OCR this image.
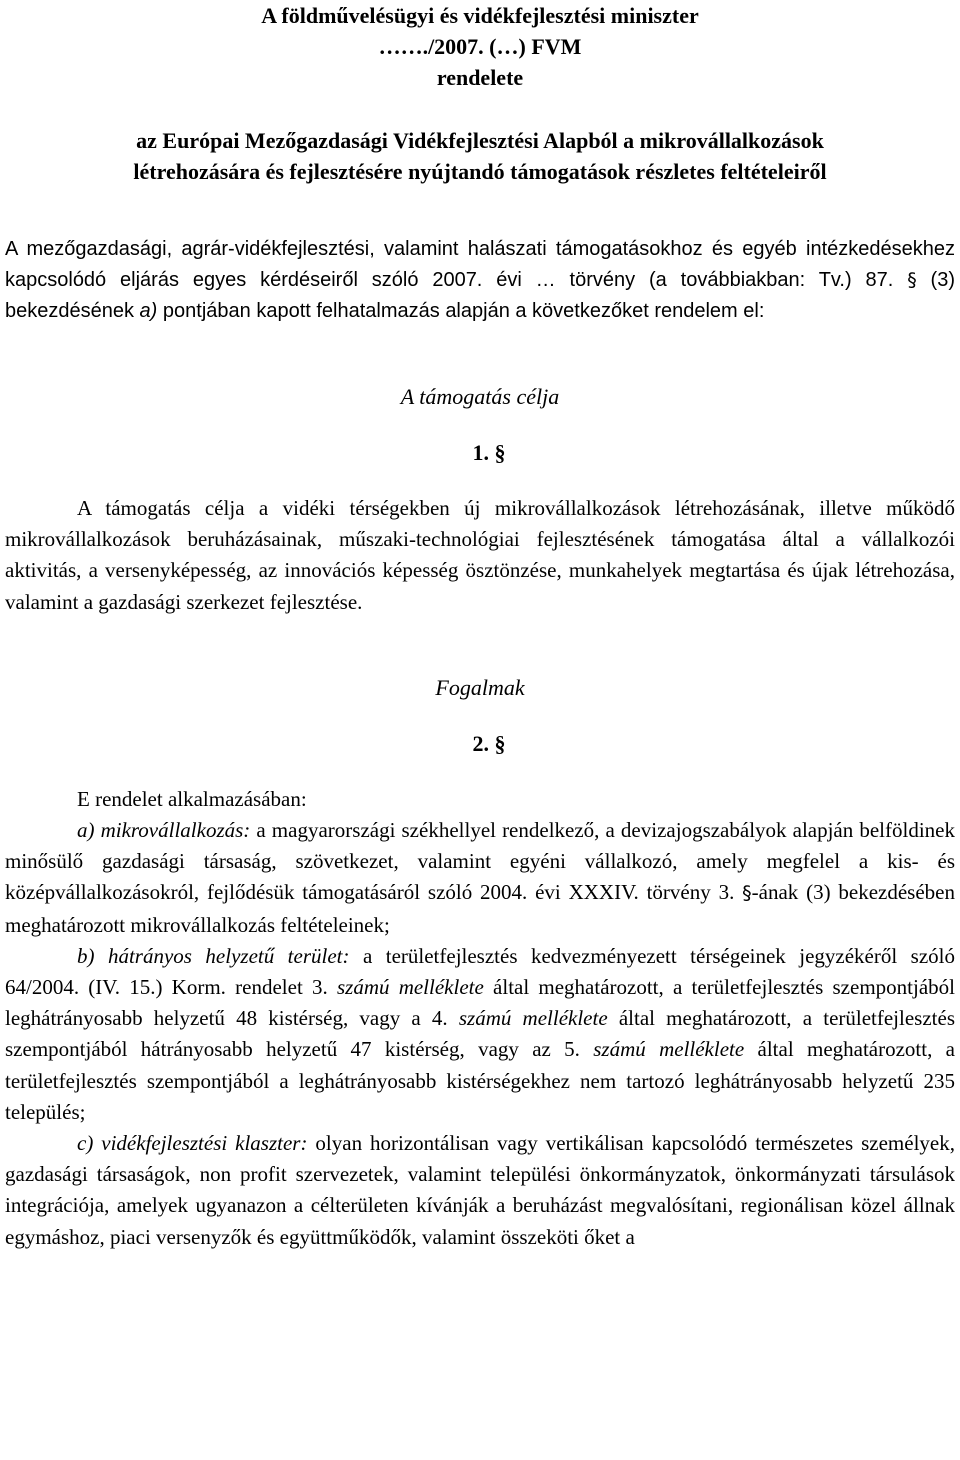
A földművelésügyi és vidékfejlesztési miniszter

……./2007. (…) FVM

rendelete

az Európai Mezőgazdasági Vidékfejlesztési Alapból a mikrovállalkozások
létrehozására és fejlesztésére nyújtandó támogatások részletes feltételeiről

A mezőgazdasági, agrár-vidékfejlesztési, valamint halászati támogatásokhoz és egyéb intézkedésekhez kapcsolódó eljárás egyes kérdéseiről szóló 2007. évi … törvény (a továbbiakban: Tv.) 87. § (3) bekezdésének a) pontjában kapott felhatalmazás alapján a következőket rendelem el:

A támogatás célja

1. §

A támogatás célja a vidéki térségekben új mikrovállalkozások létrehozásának, illetve működő mikrovállalkozások beruházásainak, műszaki-technológiai fejlesztésének támogatása által a vállalkozói aktivitás, a versenyképesség, az innovációs képesség ösztönzése, munkahelyek megtartása és újak létrehozása, valamint a gazdasági szerkezet fejlesztése.

Fogalmak

2. §

E rendelet alkalmazásában:

a) mikrovállalkozás: a magyarországi székhellyel rendelkező, a devizajogszabályok alapján belföldinek minősülő gazdasági társaság, szövetkezet, valamint egyéni vállalkozó, amely megfelel a kis- és középvállalkozásokról, fejlődésük támogatásáról szóló 2004. évi XXXIV. törvény 3. §-ának (3) bekezdésében meghatározott mikrovállalkozás feltételeinek;

b) hátrányos helyzetű terület: a területfejlesztés kedvezményezett térségeinek jegyzékéről szóló 64/2004. (IV. 15.) Korm. rendelet 3. számú melléklete által meghatározott, a területfejlesztés szempontjából leghátrányosabb helyzetű 48 kistérség, vagy a 4. számú melléklete által meghatározott, a területfejlesztés szempontjából hátrányosabb helyzetű 47 kistérség, vagy az 5. számú melléklete által meghatározott, a területfejlesztés szempontjából a leghátrányosabb kistérségekhez nem tartozó leghátrányosabb helyzetű 235 település;

c) vidékfejlesztési klaszter: olyan horizontálisan vagy vertikálisan kapcsolódó természetes személyek, gazdasági társaságok, non profit szervezetek, valamint települési önkormányzatok, önkormányzati társulások integrációja, amelyek ugyanazon a célterületen kívánják a beruházást megvalósítani, regionálisan közel állnak egymáshoz, piaci versenyzők és együttműködők, valamint összeköti őket a
